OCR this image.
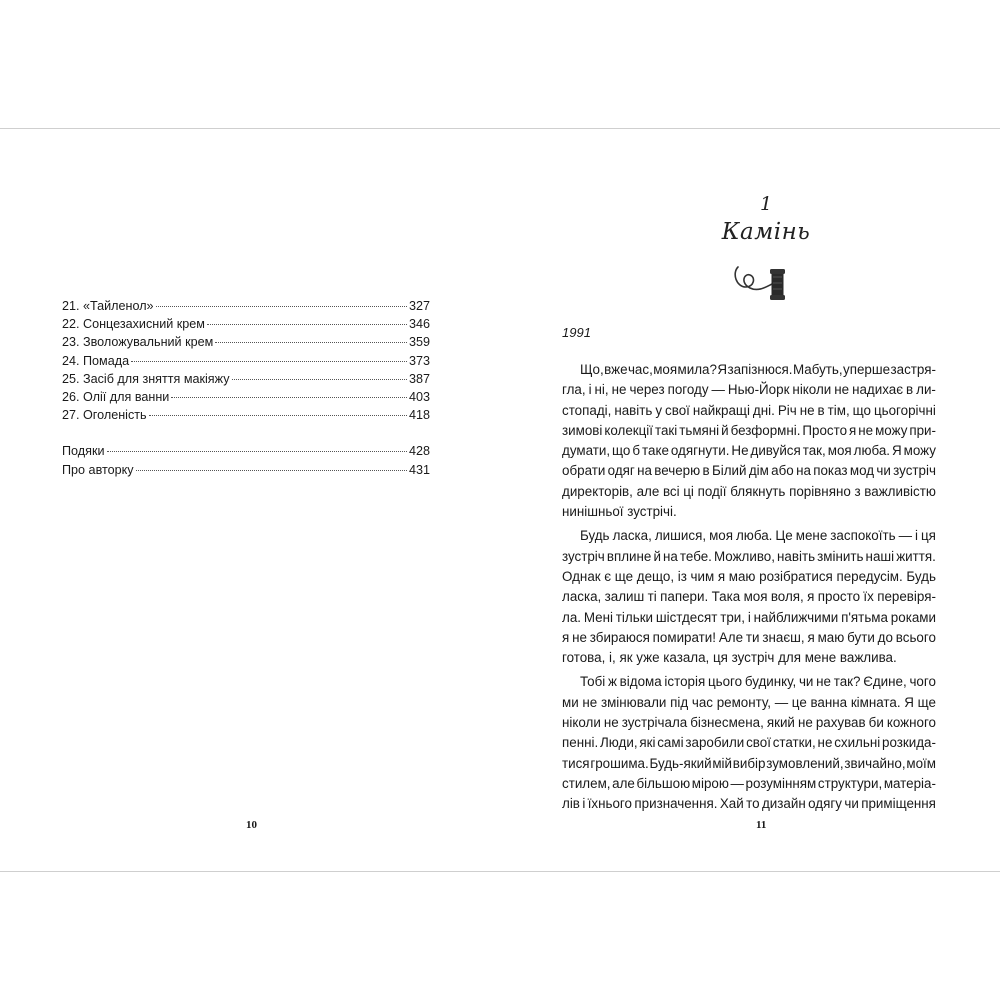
21. «Тайленол»	327
22. Сонцезахисний крем	346
23. Зволожувальний крем	359
24. Помада	373
25. Засіб для зняття макіяжу	387
26. Олії для ванни	403
27. Оголеність	418
Подяки	428
Про авторку	431
10
1
Камінь
1991
Що, вже час, моя мила? Я запізнюся. Мабуть, уперше застря-
гла, і ні, не через погоду — Нью-Йорк ніколи не надихає в ли-
стопаді, навіть у свої найкращі дні. Річ не в тім, що цьогорічні
зимові колекції такі тьмяні й безформні. Просто я не можу при-
думати, що б таке одягнути. Не дивуйся так, моя люба. Я можу
обрати одяг на вечерю в Білий дім або на показ мод чи зустріч
директорів, але всі ці події блякнуть порівняно з важливістю
нинішньої зустрічі.
Будь ласка, лишися, моя люба. Це мене заспокоїть — і ця
зустріч вплине й на тебе. Можливо, навіть змінить наші життя.
Однак є ще дещо, із чим я маю розібратися передусім. Будь
ласка, залиш ті папери. Така моя воля, я просто їх перевіря-
ла. Мені тільки шістдесят три, і найближчими п'ятьма роками
я не збираюся помирати! Але ти знаєш, я маю бути до всього
готова, і, як уже казала, ця зустріч для мене важлива.
Тобі ж відома історія цього будинку, чи не так? Єдине, чого
ми не змінювали під час ремонту, — це ванна кімната. Я ще
ніколи не зустрічала бізнесмена, який не рахував би кожного
пенні. Люди, які самі заробили свої статки, не схильні розкида-
тися грошима. Будь-який мій вибір зумовлений, звичайно, моїм
стилем, але більшою мірою — розумінням структури, матеріа-
лів і їхнього призначення. Хай то дизайн одягу чи приміщення
11
